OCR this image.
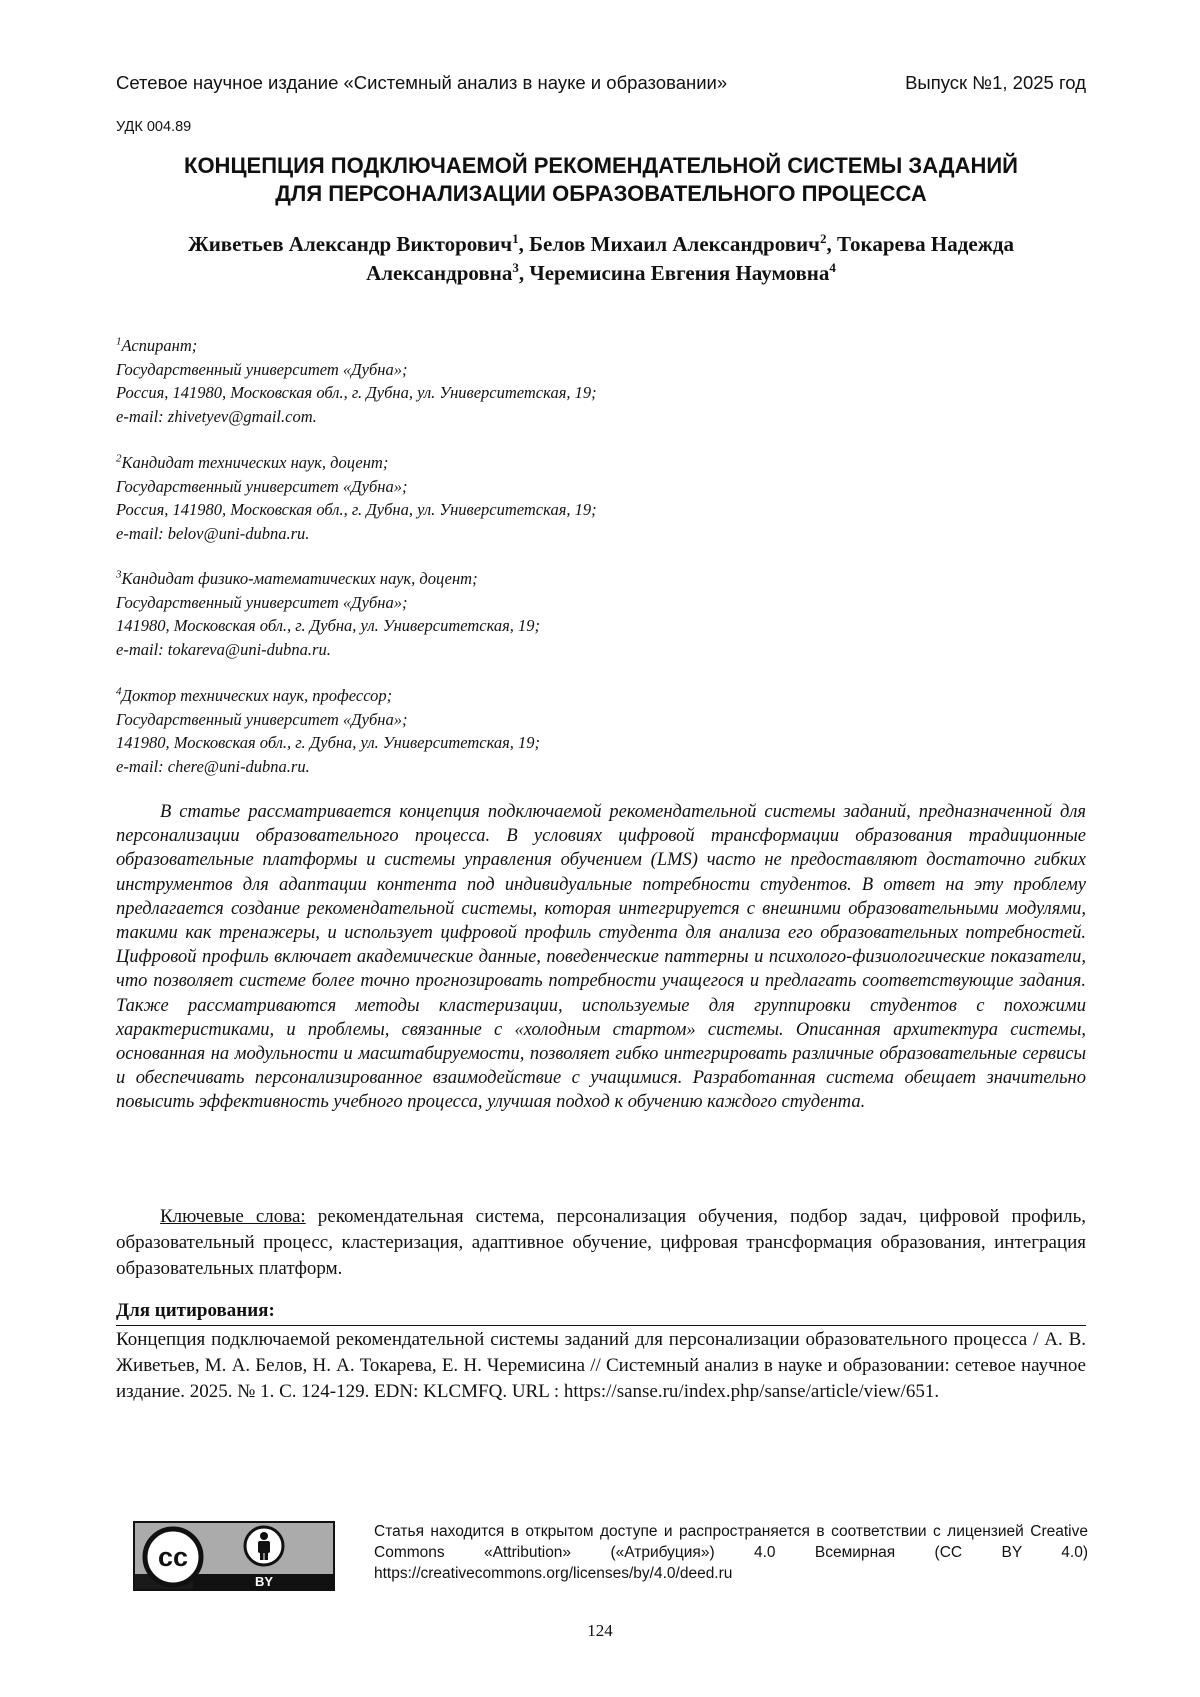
Сетевое научное издание «Системный анализ в науке и образовании»	Выпуск №1, 2025 год
УДК 004.89
КОНЦЕПЦИЯ ПОДКЛЮЧАЕМОЙ РЕКОМЕНДАТЕЛЬНОЙ СИСТЕМЫ ЗАДАНИЙ
ДЛЯ ПЕРСОНАЛИЗАЦИИ ОБРАЗОВАТЕЛЬНОГО ПРОЦЕССА
Живетьев Александр Викторович1, Белов Михаил Александрович2, Токарева Надежда Александровна3, Черемисина Евгения Наумовна4
1Аспирант;
Государственный университет «Дубна»;
Россия, 141980, Московская обл., г. Дубна, ул. Университетская, 19;
e-mail: zhivetyev@gmail.com.
2Кандидат технических наук, доцент;
Государственный университет «Дубна»;
Россия, 141980, Московская обл., г. Дубна, ул. Университетская, 19;
e-mail: belov@uni-dubna.ru.
3Кандидат физико-математических наук, доцент;
Государственный университет «Дубна»;
141980, Московская обл., г. Дубна, ул. Университетская, 19;
e-mail: tokareva@uni-dubna.ru.
4Доктор технических наук, профессор;
Государственный университет «Дубна»;
141980, Московская обл., г. Дубна, ул. Университетская, 19;
e-mail: chere@uni-dubna.ru.

В статье рассматривается концепция подключаемой рекомендательной системы заданий, предназначенной для персонализации образовательного процесса. В условиях цифровой трансформации образования традиционные образовательные платформы и системы управления обучением (LMS) часто не предоставляют достаточно гибких инструментов для адаптации контента под индивидуальные потребности студентов. В ответ на эту проблему предлагается создание рекомендательной системы, которая интегрируется с внешними образовательными модулями, такими как тренажеры, и использует цифровой профиль студента для анализа его образовательных потребностей. Цифровой профиль включает академические данные, поведенческие паттерны и психолого-физиологические показатели, что позволяет системе более точно прогнозировать потребности учащегося и предлагать соответствующие задания. Также рассматриваются методы кластеризации, используемые для группировки студентов с похожими характеристиками, и проблемы, связанные с «холодным стартом» системы. Описанная архитектура системы, основанная на модульности и масштабируемости, позволяет гибко интегрировать различные образовательные сервисы и обеспечивать персонализированное взаимодействие с учащимися. Разработанная система обещает значительно повысить эффективность учебного процесса, улучшая подход к обучению каждого студента.

Ключевые слова: рекомендательная система, персонализация обучения, подбор задач, цифровой профиль, образовательный процесс, кластеризация, адаптивное обучение, цифровая трансформация образования, интеграция образовательных платформ.

Для цитирования:

Концепция подключаемой рекомендательной системы заданий для персонализации образовательного процесса / А. В. Живетьев, М. А. Белов, Н. А. Токарева, Е. Н. Черемисина // Системный анализ в науке и образовании: сетевое научное издание. 2025. № 1. С. 124-129. EDN: KLCMFQ. URL : https://sanse.ru/index.php/sanse/article/view/651.

cc
BY

Статья находится в открытом доступе и распространяется в соответствии с лицензией Creative Commons «Attribution» («Атрибуция») 4.0 Всемирная (CC BY 4.0) https://creativecommons.org/licenses/by/4.0/deed.ru

124
